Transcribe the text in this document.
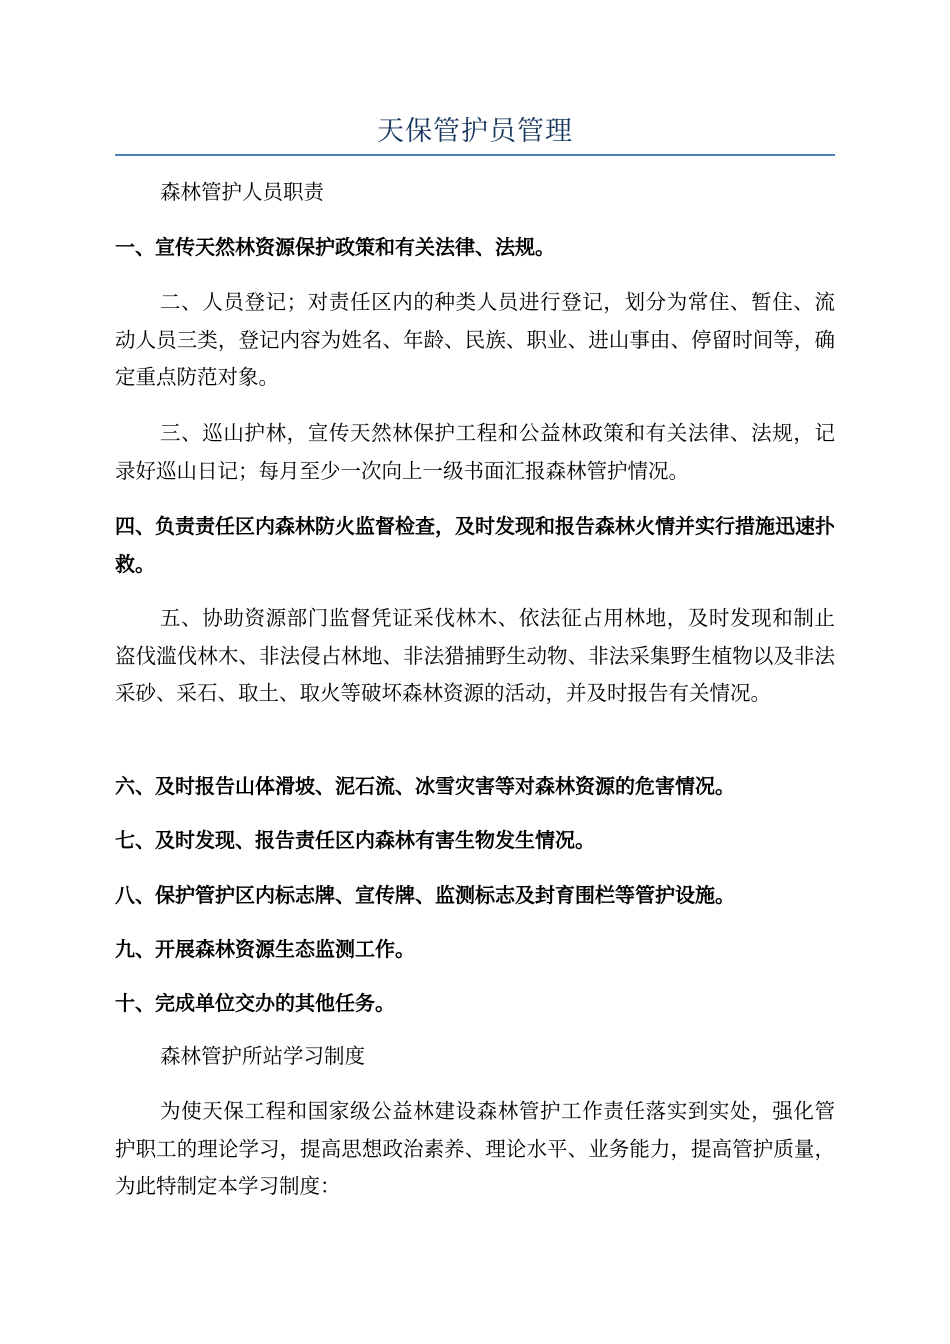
天保管护员管理

森林管护人员职责

一、宣传天然林资源保护政策和有关法律、法规。

二、人员登记；对责任区内的种类人员进行登记，划分为常住、暂住、流动人员三类，登记内容为姓名、年龄、民族、职业、进山事由、停留时间等，确定重点防范对象。

三、巡山护林，宣传天然林保护工程和公益林政策和有关法律、法规，记录好巡山日记；每月至少一次向上一级书面汇报森林管护情况。

四、负责责任区内森林防火监督检查，及时发现和报告森林火情并实行措施迅速扑救。

五、协助资源部门监督凭证采伐林木、依法征占用林地，及时发现和制止盗伐滥伐林木、非法侵占林地、非法猎捕野生动物、非法采集野生植物以及非法采砂、采石、取土、取火等破坏森林资源的活动，并及时报告有关情况。

六、及时报告山体滑坡、泥石流、冰雪灾害等对森林资源的危害情况。

七、及时发现、报告责任区内森林有害生物发生情况。

八、保护管护区内标志牌、宣传牌、监测标志及封育围栏等管护设施。

九、开展森林资源生态监测工作。

十、完成单位交办的其他任务。

森林管护所站学习制度

为使天保工程和国家级公益林建设森林管护工作责任落实到实处，强化管护职工的理论学习，提高思想政治素养、理论水平、业务能力，提高管护质量，为此特制定本学习制度：
